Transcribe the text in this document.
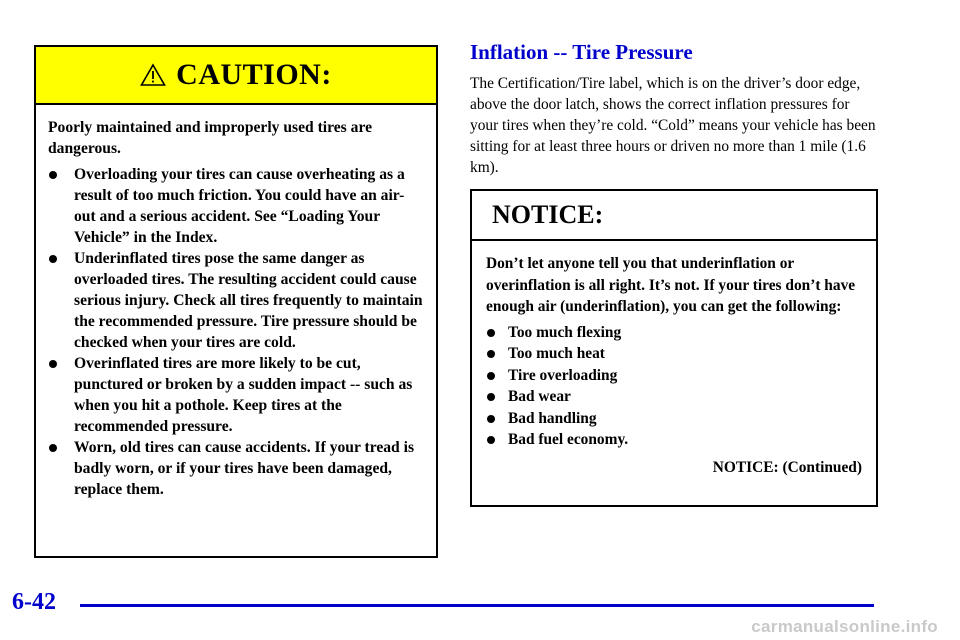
CAUTION:

Poorly maintained and improperly used tires are dangerous.

Overloading your tires can cause overheating as a result of too much friction. You could have an air-out and a serious accident. See “Loading Your Vehicle” in the Index.
Underinflated tires pose the same danger as overloaded tires. The resulting accident could cause serious injury. Check all tires frequently to maintain the recommended pressure. Tire pressure should be checked when your tires are cold.
Overinflated tires are more likely to be cut, punctured or broken by a sudden impact -- such as when you hit a pothole. Keep tires at the recommended pressure.
Worn, old tires can cause accidents. If your tread is badly worn, or if your tires have been damaged, replace them.
Inflation -- Tire Pressure

The Certification/Tire label, which is on the driver’s door edge, above the door latch, shows the correct inflation pressures for your tires when they’re cold. “Cold” means your vehicle has been sitting for at least three hours or driven no more than 1 mile (1.6 km).

NOTICE:

Don’t let anyone tell you that underinflation or overinflation is all right. It’s not. If your tires don’t have enough air (underinflation), you can get the following:

Too much flexing
Too much heat
Tire overloading
Bad wear
Bad handling
Bad fuel economy.
NOTICE: (Continued)

6-42

carmanualsonline.info
